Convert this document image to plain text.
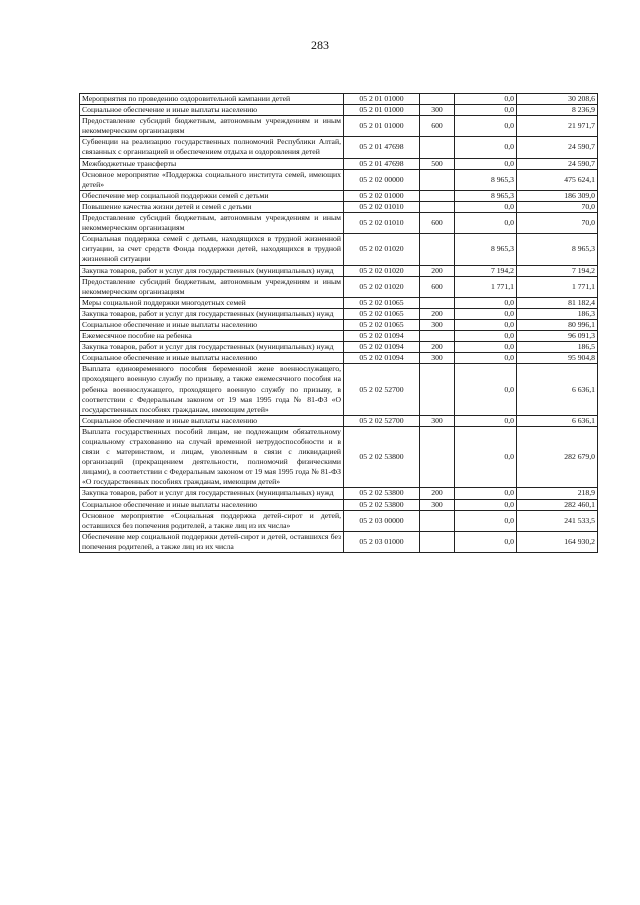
283
Мероприятия по проведению оздоровительной кампании детей	05 2 01 01000		0,0	30 208,6
Социальное обеспечение и иные выплаты населению	05 2 01 01000	300	0,0	8 236,9
Предоставление субсидий бюджетным, автономным учреждениям и иным некоммерческим организациям	05 2 01 01000	600	0,0	21 971,7
Субвенции на реализацию государственных полномочий Республики Алтай, связанных с организацией и обеспечением отдыха и оздоровления детей	05 2 01 47698		0,0	24 590,7
Межбюджетные трансферты	05 2 01 47698	500	0,0	24 590,7
Основное мероприятие «Поддержка социального института семей, имеющих детей»	05 2 02 00000		8 965,3	475 624,1
Обеспечение мер социальной поддержки семей с детьми	05 2 02 01000		8 965,3	186 309,0
Повышение качества жизни детей и семей с детьми	05 2 02 01010		0,0	70,0
Предоставление субсидий бюджетным, автономным учреждениям и иным некоммерческим организациям	05 2 02 01010	600	0,0	70,0
Социальная поддержка семей с детьми, находящихся в трудной жизненной ситуации, за счет средств Фонда поддержки детей, находящихся в трудной жизненной ситуации	05 2 02 01020		8 965,3	8 965,3
Закупка товаров, работ и услуг для государственных (муниципальных) нужд	05 2 02 01020	200	7 194,2	7 194,2
Предоставление субсидий бюджетным, автономным учреждениям и иным некоммерческим организациям	05 2 02 01020	600	1 771,1	1 771,1
Меры социальной поддержки многодетных семей	05 2 02 01065		0,0	81 182,4
Закупка товаров, работ и услуг для государственных (муниципальных) нужд	05 2 02 01065	200	0,0	186,3
Социальное обеспечение и иные выплаты населению	05 2 02 01065	300	0,0	80 996,1
Ежемесячное пособие на ребенка	05 2 02 01094		0,0	96 091,3
Закупка товаров, работ и услуг для государственных (муниципальных) нужд	05 2 02 01094	200	0,0	186,5
Социальное обеспечение и иные выплаты населению	05 2 02 01094	300	0,0	95 904,8
Выплата единовременного пособия беременной жене военнослужащего, проходящего военную службу по призыву, а также ежемесячного пособия на ребенка военнослужащего, проходящего военную службу по призыву, в соответствии с Федеральным законом от 19 мая 1995 года № 81-ФЗ «О государственных пособиях гражданам, имеющим детей»	05 2 02 52700		0,0	6 636,1
Социальное обеспечение и иные выплаты населению	05 2 02 52700	300	0,0	6 636,1
Выплата государственных пособий лицам, не подлежащим обязательному социальному страхованию на случай временной нетрудоспособности и в связи с материнством, и лицам, уволенным в связи с ликвидацией организаций (прекращением деятельности, полномочий физическими лицами), в соответствии с Федеральным законом от 19 мая 1995 года № 81-ФЗ «О государственных пособиях гражданам, имеющим детей»	05 2 02 53800		0,0	282 679,0
Закупка товаров, работ и услуг для государственных (муниципальных) нужд	05 2 02 53800	200	0,0	218,9
Социальное обеспечение и иные выплаты населению	05 2 02 53800	300	0,0	282 460,1
Основное мероприятие «Социальная поддержка детей-сирот и детей, оставшихся без попечения родителей, а также лиц из их числа»	05 2 03 00000		0,0	241 533,5
Обеспечение мер социальной поддержки детей-сирот и детей, оставшихся без попечения родителей, а также лиц из их числа	05 2 03 01000		0,0	164 930,2
